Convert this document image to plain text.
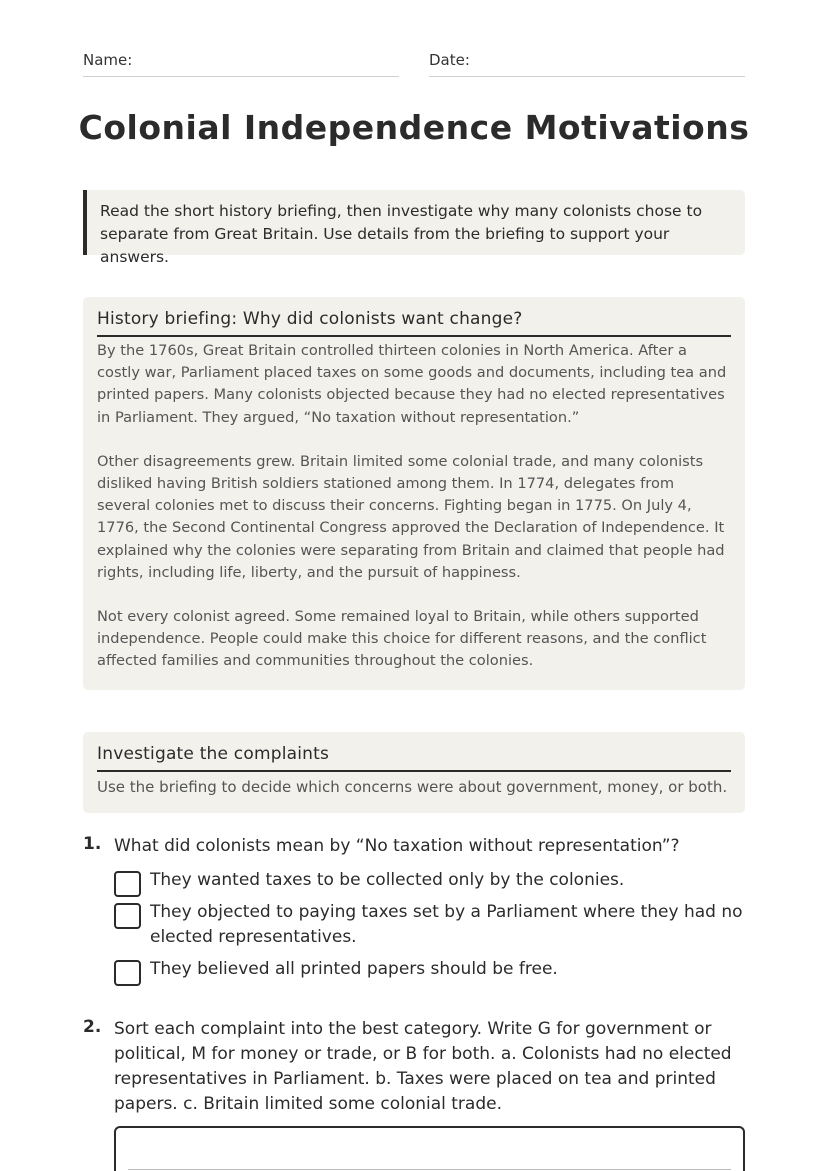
Name:	Date:
Colonial Independence Motivations
Read the short history briefing, then investigate why many colonists chose to separate from Great Britain. Use details from the briefing to support your answers.
History briefing: Why did colonists want change?

By the 1760s, Great Britain controlled thirteen colonies in North America. After a costly war, Parliament placed taxes on some goods and documents, including tea and printed papers. Many colonists objected because they had no elected representatives in Parliament. They argued, “No taxation without representation.”

Other disagreements grew. Britain limited some colonial trade, and many colonists disliked having British soldiers stationed among them. In 1774, delegates from several colonies met to discuss their concerns. Fighting began in 1775. On July 4, 1776, the Second Continental Congress approved the Declaration of Independence. It explained why the colonies were separating from Britain and claimed that people had rights, including life, liberty, and the pursuit of happiness.

Not every colonist agreed. Some remained loyal to Britain, while others supported independence. People could make this choice for different reasons, and the conflict affected families and communities throughout the colonies.

Investigate the complaints

Use the briefing to decide which concerns were about government, money, or both.

1. What did colonists mean by “No taxation without representation”?
They wanted taxes to be collected only by the colonies.
They objected to paying taxes set by a Parliament where they had no elected representatives.
They believed all printed papers should be free.
2. Sort each complaint into the best category. Write G for government or political, M for money or trade, or B for both. a. Colonists had no elected representatives in Parliament. b. Taxes were placed on tea and printed papers. c. Britain limited some colonial trade.
